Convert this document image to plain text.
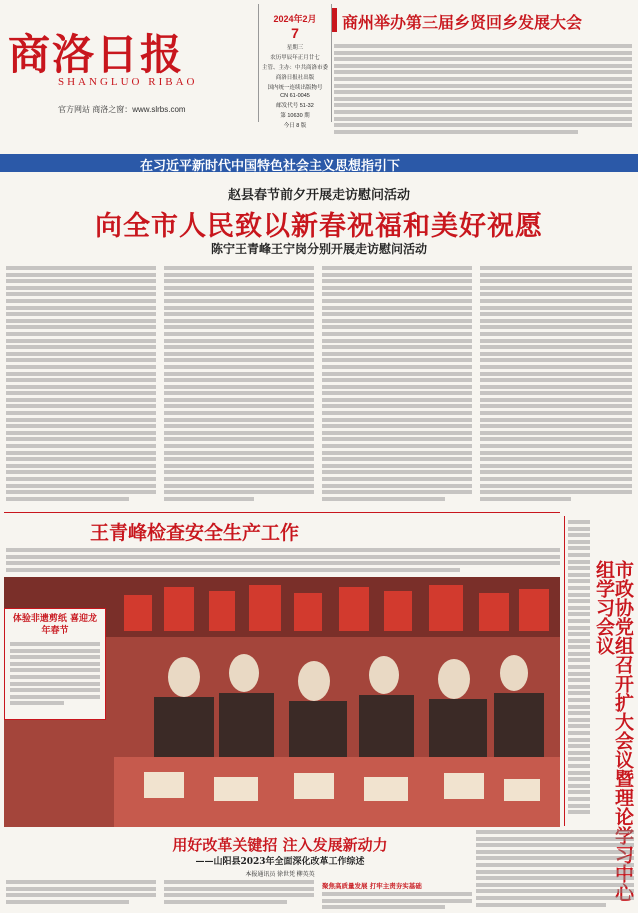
商洛日报
SHANGLUO RIBAO
官方网站 商洛之窗：www.slrbs.com
2024年2月
7
星期三
农历甲辰年正月廿七
主管、主办：中共商洛市委
商洛日报社出版
国内统一连续出版物号
CN 61-0045
邮发代号 51-32
第 10630 期
今日 8 版
商州举办第三届乡贤回乡发展大会
在习近平新时代中国特色社会主义思想指引下
赵县春节前夕开展走访慰问活动
向全市人民致以新春祝福和美好祝愿
陈宁王青峰王宁岗分别开展走访慰问活动
王青峰检查安全生产工作
市政协党组召开扩大会议暨理论学习中心组学习会议
体验非遗剪纸 喜迎龙年春节
用好改革关键招 注入发展新动力
——山阳县2023年全面深化改革工作综述
本报通讯员 徐世凭 柳英英
聚焦高质量发展 打牢主责夯实基础
